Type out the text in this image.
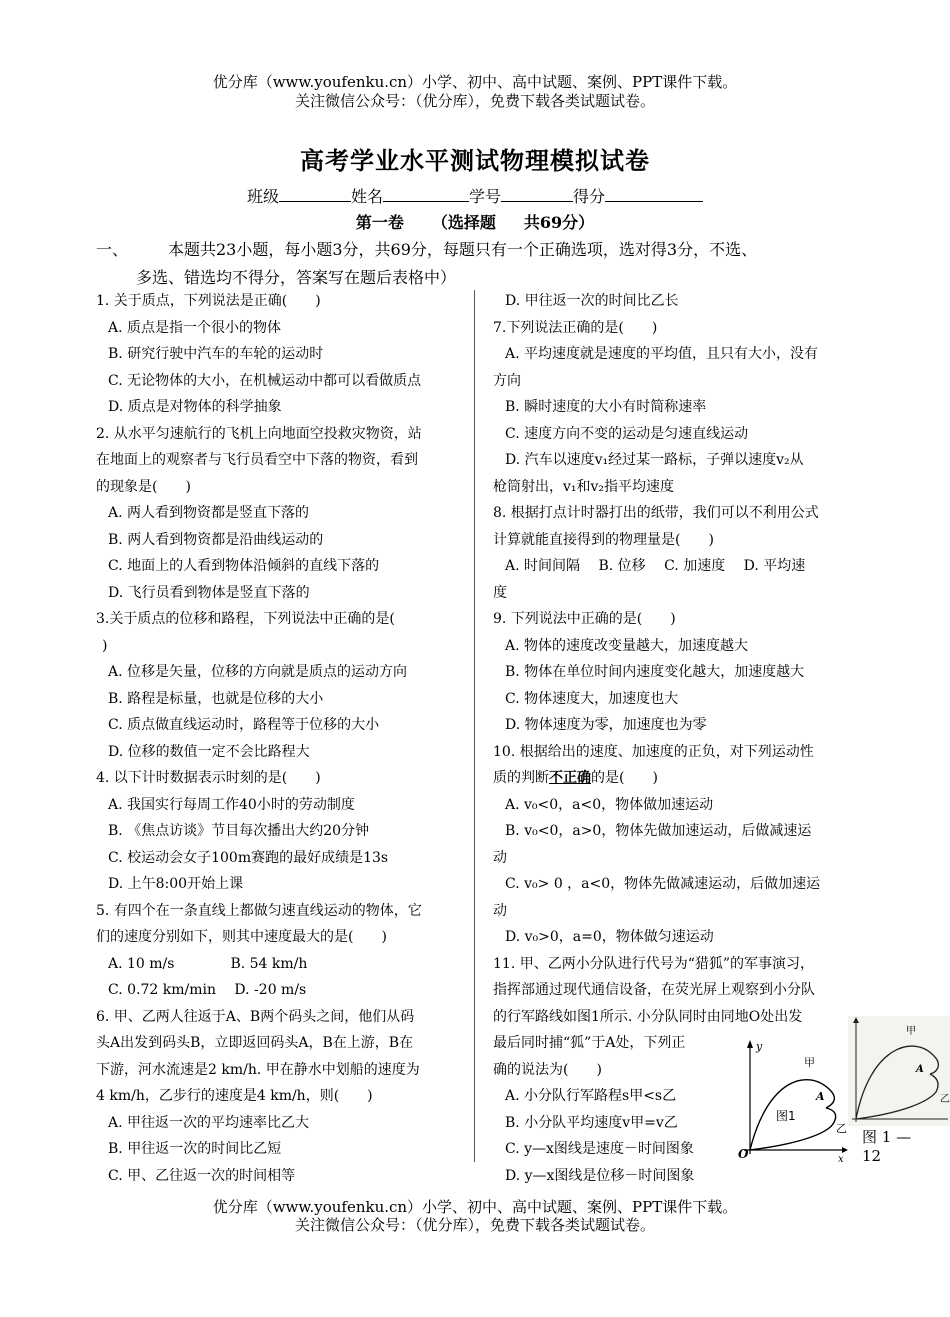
优分库（www.youfenku.cn）小学、初中、高中试题、案例、PPT课件下载。
关注微信公众号：（优分库），免费下载各类试题试卷。
高考学业水平测试物理模拟试卷
班级	姓名	学号	得分
第一卷 （选择题 共69分）
一、 本题共23小题，每小题3分，共69分，每题只有一个正确选项，选对得3分，不选、
多选、错选均不得分，答案写在题后表格中）
1. 关于质点，下列说法是正确(　　)
A. 质点是指一个很小的物体
B. 研究行驶中汽车的车轮的运动时
C. 无论物体的大小，在机械运动中都可以看做质点
D. 质点是对物体的科学抽象
2. 从水平匀速航行的飞机上向地面空投救灾物资，站
在地面上的观察者与飞行员看空中下落的物资，看到
的现象是(　　)
A. 两人看到物资都是竖直下落的
B. 两人看到物资都是沿曲线运动的
C. 地面上的人看到物体沿倾斜的直线下落的
D. 飞行员看到物体是竖直下落的
3.关于质点的位移和路程，下列说法中正确的是(
)
A. 位移是矢量，位移的方向就是质点的运动方向
B. 路程是标量，也就是位移的大小
C. 质点做直线运动时，路程等于位移的大小
D. 位移的数值一定不会比路程大
4. 以下计时数据表示时刻的是(　　)
A. 我国实行每周工作40小时的劳动制度
B. 《焦点访谈》节目每次播出大约20分钟
C. 校运动会女子100m赛跑的最好成绩是13s
D. 上午8:00开始上课
5. 有四个在一条直线上都做匀速直线运动的物体，它
们的速度分别如下，则其中速度最大的是(　　)
A. 10 m/s　　　　B. 54 km/h
C. 0.72 km/min　 D. -20 m/s
6. 甲、乙两人往返于A、B两个码头之间，他们从码
头A出发到码头B，立即返回码头A，B在上游，B在
下游，河水流速是2 km/h. 甲在静水中划船的速度为
4 km/h，乙步行的速度是4 km/h，则(　　)
A. 甲往返一次的平均速率比乙大
B. 甲往返一次的时间比乙短
C. 甲、乙往返一次的时间相等
D. 甲往返一次的时间比乙长
7.下列说法正确的是(　　)
A. 平均速度就是速度的平均值，且只有大小，没有
方向
B. 瞬时速度的大小有时简称速率
C. 速度方向不变的运动是匀速直线运动
D. 汽车以速度v₁经过某一路标，子弹以速度v₂从
枪筒射出，v₁和v₂指平均速度
8. 根据打点计时器打出的纸带，我们可以不利用公式
计算就能直接得到的物理量是(　　)
A. 时间间隔　 B. 位移　 C. 加速度　 D. 平均速
度
9. 下列说法中正确的是(　　)
A. 物体的速度改变量越大，加速度越大
B. 物体在单位时间内速度变化越大，加速度越大
C. 物体速度大，加速度也大
D. 物体速度为零，加速度也为零
10. 根据给出的速度、加速度的正负，对下列运动性
质的判断不正确的是(　　)
A. v₀<0，a<0，物体做加速运动
B. v₀<0，a>0，物体先做加速运动，后做减速运
动
C. v₀> 0 ，a<0，物体先做减速运动，后做加速运
动
D. v₀>0，a=0，物体做匀速运动
11. 甲、乙两小分队进行代号为“猎狐”的军事演习，
指挥部通过现代通信设备，在荧光屏上观察到小分队
的行军路线如图1所示. 小分队同时由同地O处出发
最后同时捕“狐”于A处，下列正
确的说法为(　　)
A. 小分队行军路程s甲<s乙
B. 小分队平均速度v甲=v乙
C. y—x图线是速度－时间图象
D. y—x图线是位移－时间图象
y
x
O
甲
乙
A
图1
甲
A
乙
图 1 —
12
优分库（www.youfenku.cn）小学、初中、高中试题、案例、PPT课件下载。
关注微信公众号：（优分库），免费下载各类试题试卷。
